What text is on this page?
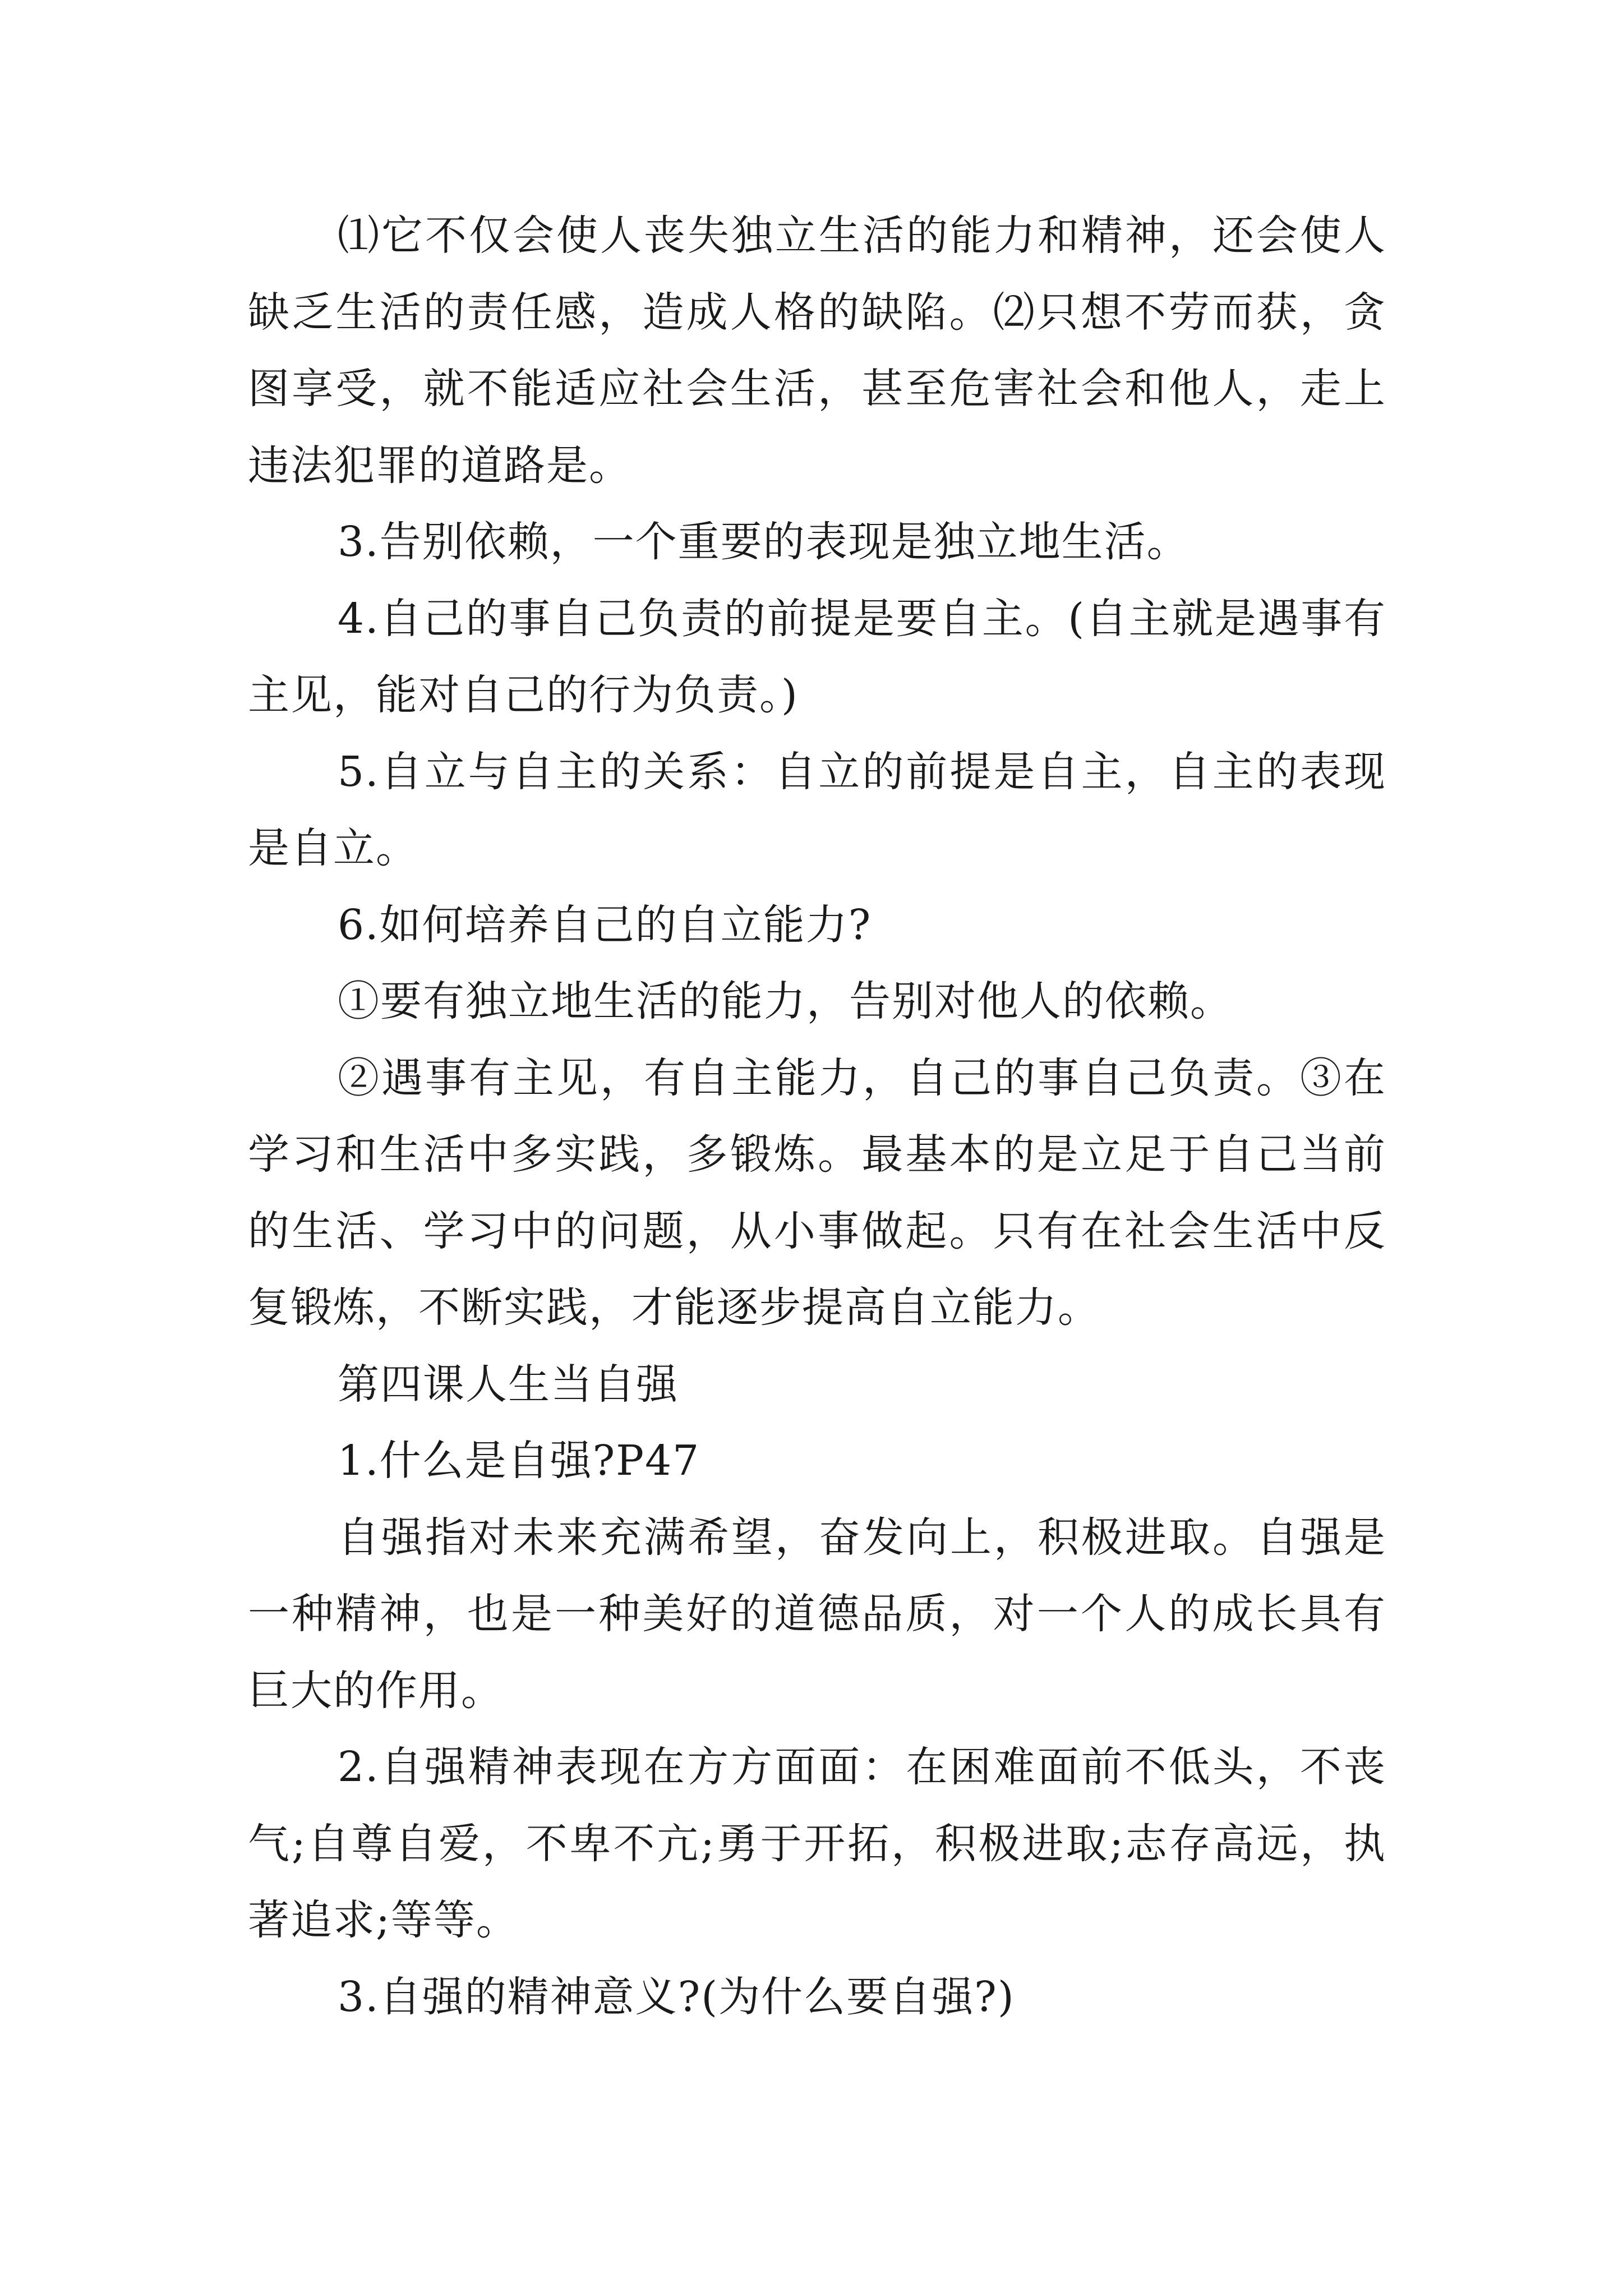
⑴它不仅会使人丧失独立生活的能力和精神，还会使人缺乏生活的责任感，造成人格的缺陷。⑵只想不劳而获，贪图享受，就不能适应社会生活，甚至危害社会和他人，走上违法犯罪的道路是。

3.告别依赖，一个重要的表现是独立地生活。

4.自己的事自己负责的前提是要自主。(自主就是遇事有主见，能对自己的行为负责。)

5.自立与自主的关系：自立的前提是自主，自主的表现是自立。

6.如何培养自己的自立能力?

①要有独立地生活的能力，告别对他人的依赖。

②遇事有主见，有自主能力，自己的事自己负责。③在学习和生活中多实践，多锻炼。最基本的是立足于自己当前的生活、学习中的问题，从小事做起。只有在社会生活中反复锻炼，不断实践，才能逐步提高自立能力。

第四课人生当自强

1.什么是自强?P47

自强指对未来充满希望，奋发向上，积极进取。自强是一种精神，也是一种美好的道德品质，对一个人的成长具有巨大的作用。

2.自强精神表现在方方面面：在困难面前不低头，不丧气;自尊自爱，不卑不亢;勇于开拓，积极进取;志存高远，执著追求;等等。

3.自强的精神意义?(为什么要自强?)
